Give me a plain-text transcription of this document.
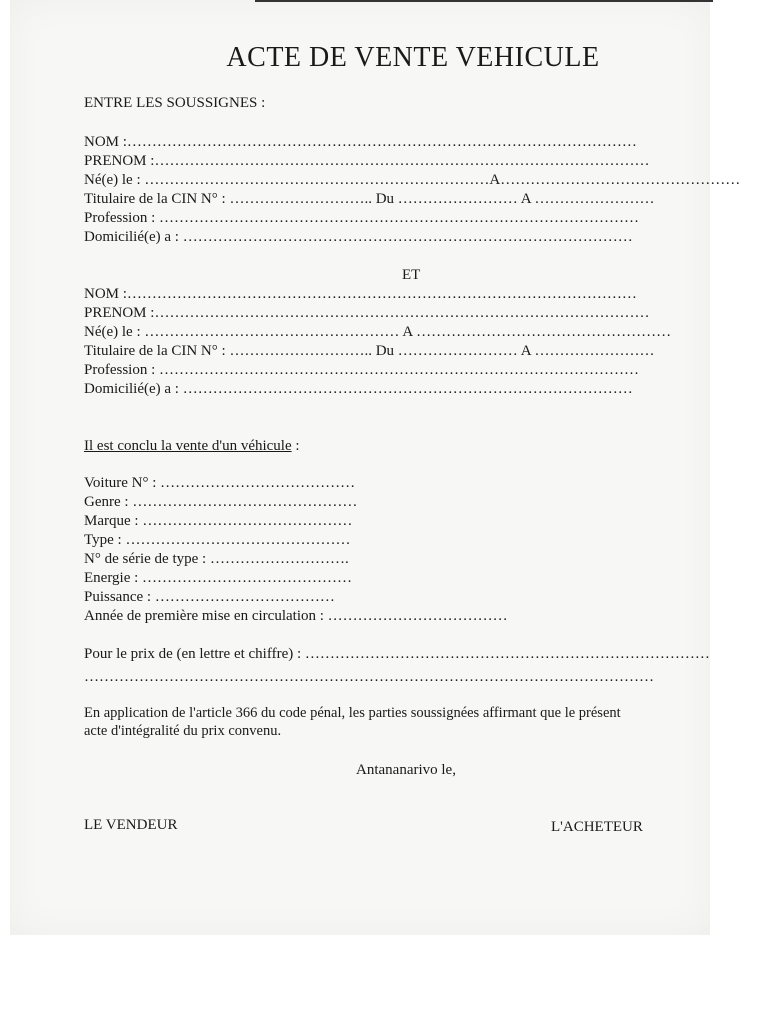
ACTE DE VENTE VEHICULE
ENTRE LES SOUSSIGNES :
NOM :…………………………………………………………………………………………
PRENOM :………………………………………………………………………………………
Né(e) le : ……………………………………………………………A…………………………………………
Titulaire de la CIN N° : ……………………….. Du …………………… A ……………………
Profession : ……………………………………………………………………………………
Domicilié(e) a : ………………………………………………………………………………
ET
NOM :…………………………………………………………………………………………
PRENOM :………………………………………………………………………………………
Né(e) le : …………………………………………… A ……………………………………………
Titulaire de la CIN N° : ……………………….. Du …………………… A ……………………
Profession : ……………………………………………………………………………………
Domicilié(e) a : ………………………………………………………………………………
Il est conclu la vente d'un véhicule :
Voiture N° : …………………………………
Genre : ………………………………………
Marque : ……………………………………
Type : ………………………………………
N° de série de type : ……………………….
Energie : ……………………………………
Puissance : ………………………………
Année de première mise en circulation : ………………………………
Pour le prix de (en lettre et chiffre) : ………………………………………………………………………
……………………………………………………………………………………………………
En application de l'article 366 du code pénal, les parties soussignées affirmant que le présent
acte d'intégralité du prix convenu.
Antananarivo le,
LE VENDEUR	L'ACHETEUR
